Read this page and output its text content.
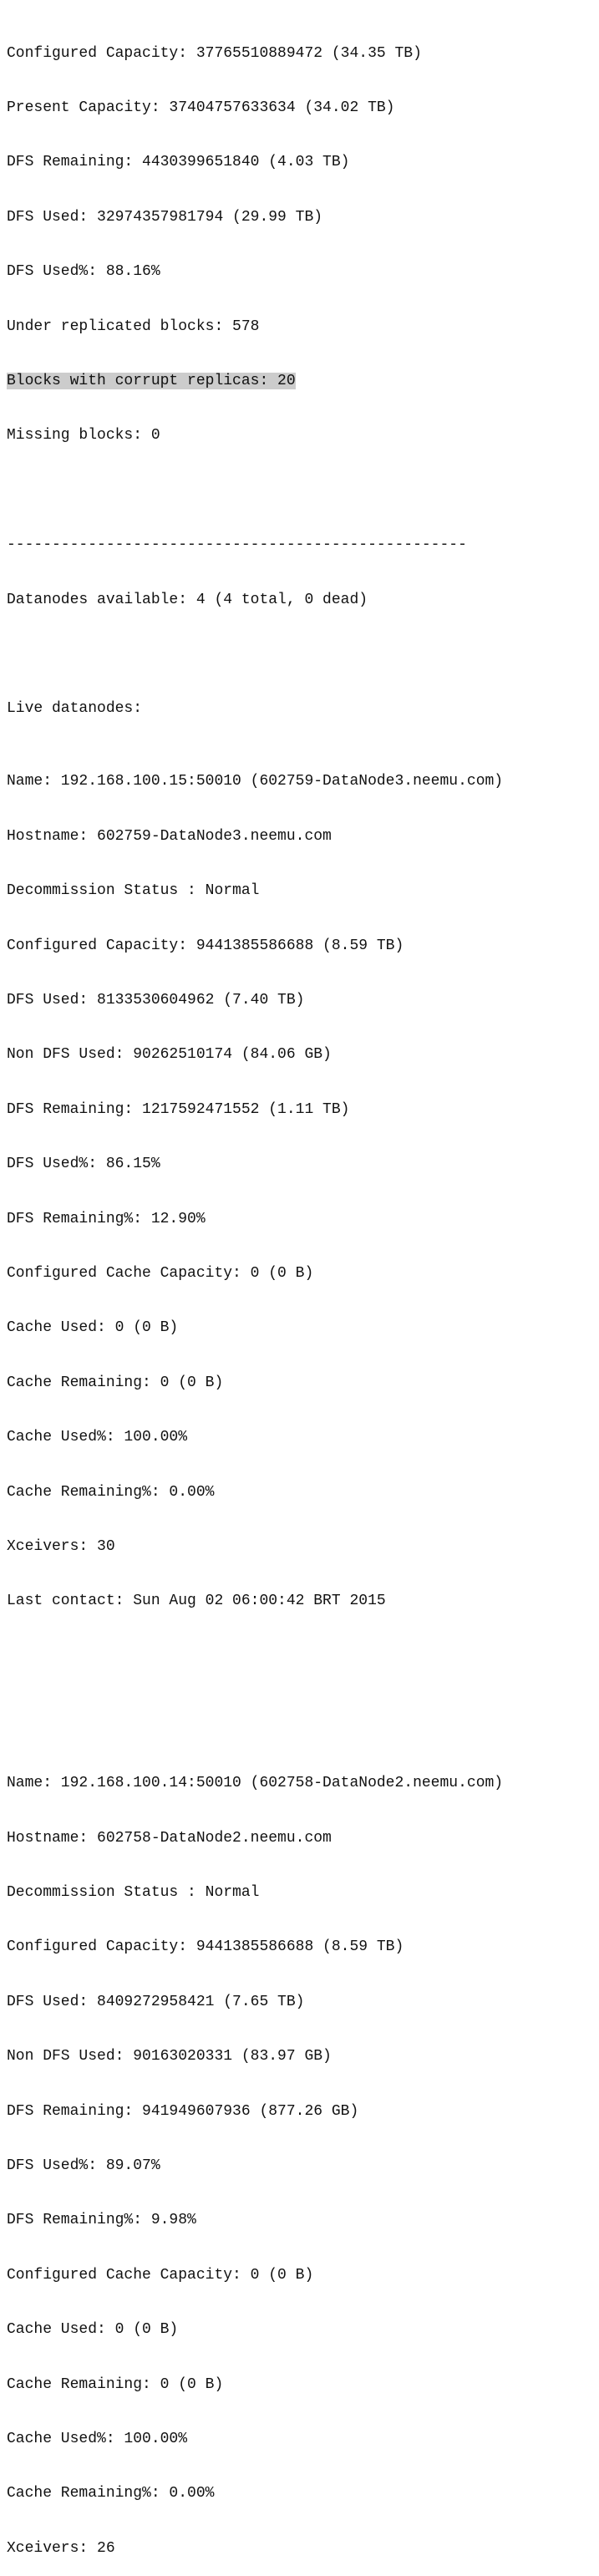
Configured Capacity: 37765510889472 (34.35 TB)

Present Capacity: 37404757633634 (34.02 TB)

DFS Remaining: 4430399651840 (4.03 TB)

DFS Used: 32974357981794 (29.99 TB)

DFS Used%: 88.16%

Under replicated blocks: 578

Blocks with corrupt replicas: 20

Missing blocks: 0

---------------------------------------------------

Datanodes available: 4 (4 total, 0 dead)

Live datanodes:

Name: 192.168.100.15:50010 (602759-DataNode3.neemu.com)

Hostname: 602759-DataNode3.neemu.com

Decommission Status : Normal

Configured Capacity: 9441385586688 (8.59 TB)

DFS Used: 8133530604962 (7.40 TB)

Non DFS Used: 90262510174 (84.06 GB)

DFS Remaining: 1217592471552 (1.11 TB)

DFS Used%: 86.15%

DFS Remaining%: 12.90%

Configured Cache Capacity: 0 (0 B)

Cache Used: 0 (0 B)

Cache Remaining: 0 (0 B)

Cache Used%: 100.00%

Cache Remaining%: 0.00%

Xceivers: 30

Last contact: Sun Aug 02 06:00:42 BRT 2015

Name: 192.168.100.14:50010 (602758-DataNode2.neemu.com)

Hostname: 602758-DataNode2.neemu.com

Decommission Status : Normal

Configured Capacity: 9441385586688 (8.59 TB)

DFS Used: 8409272958421 (7.65 TB)

Non DFS Used: 90163020331 (83.97 GB)

DFS Remaining: 941949607936 (877.26 GB)

DFS Used%: 89.07%

DFS Remaining%: 9.98%

Configured Cache Capacity: 0 (0 B)

Cache Used: 0 (0 B)

Cache Remaining: 0 (0 B)

Cache Used%: 100.00%

Cache Remaining%: 0.00%

Xceivers: 26
